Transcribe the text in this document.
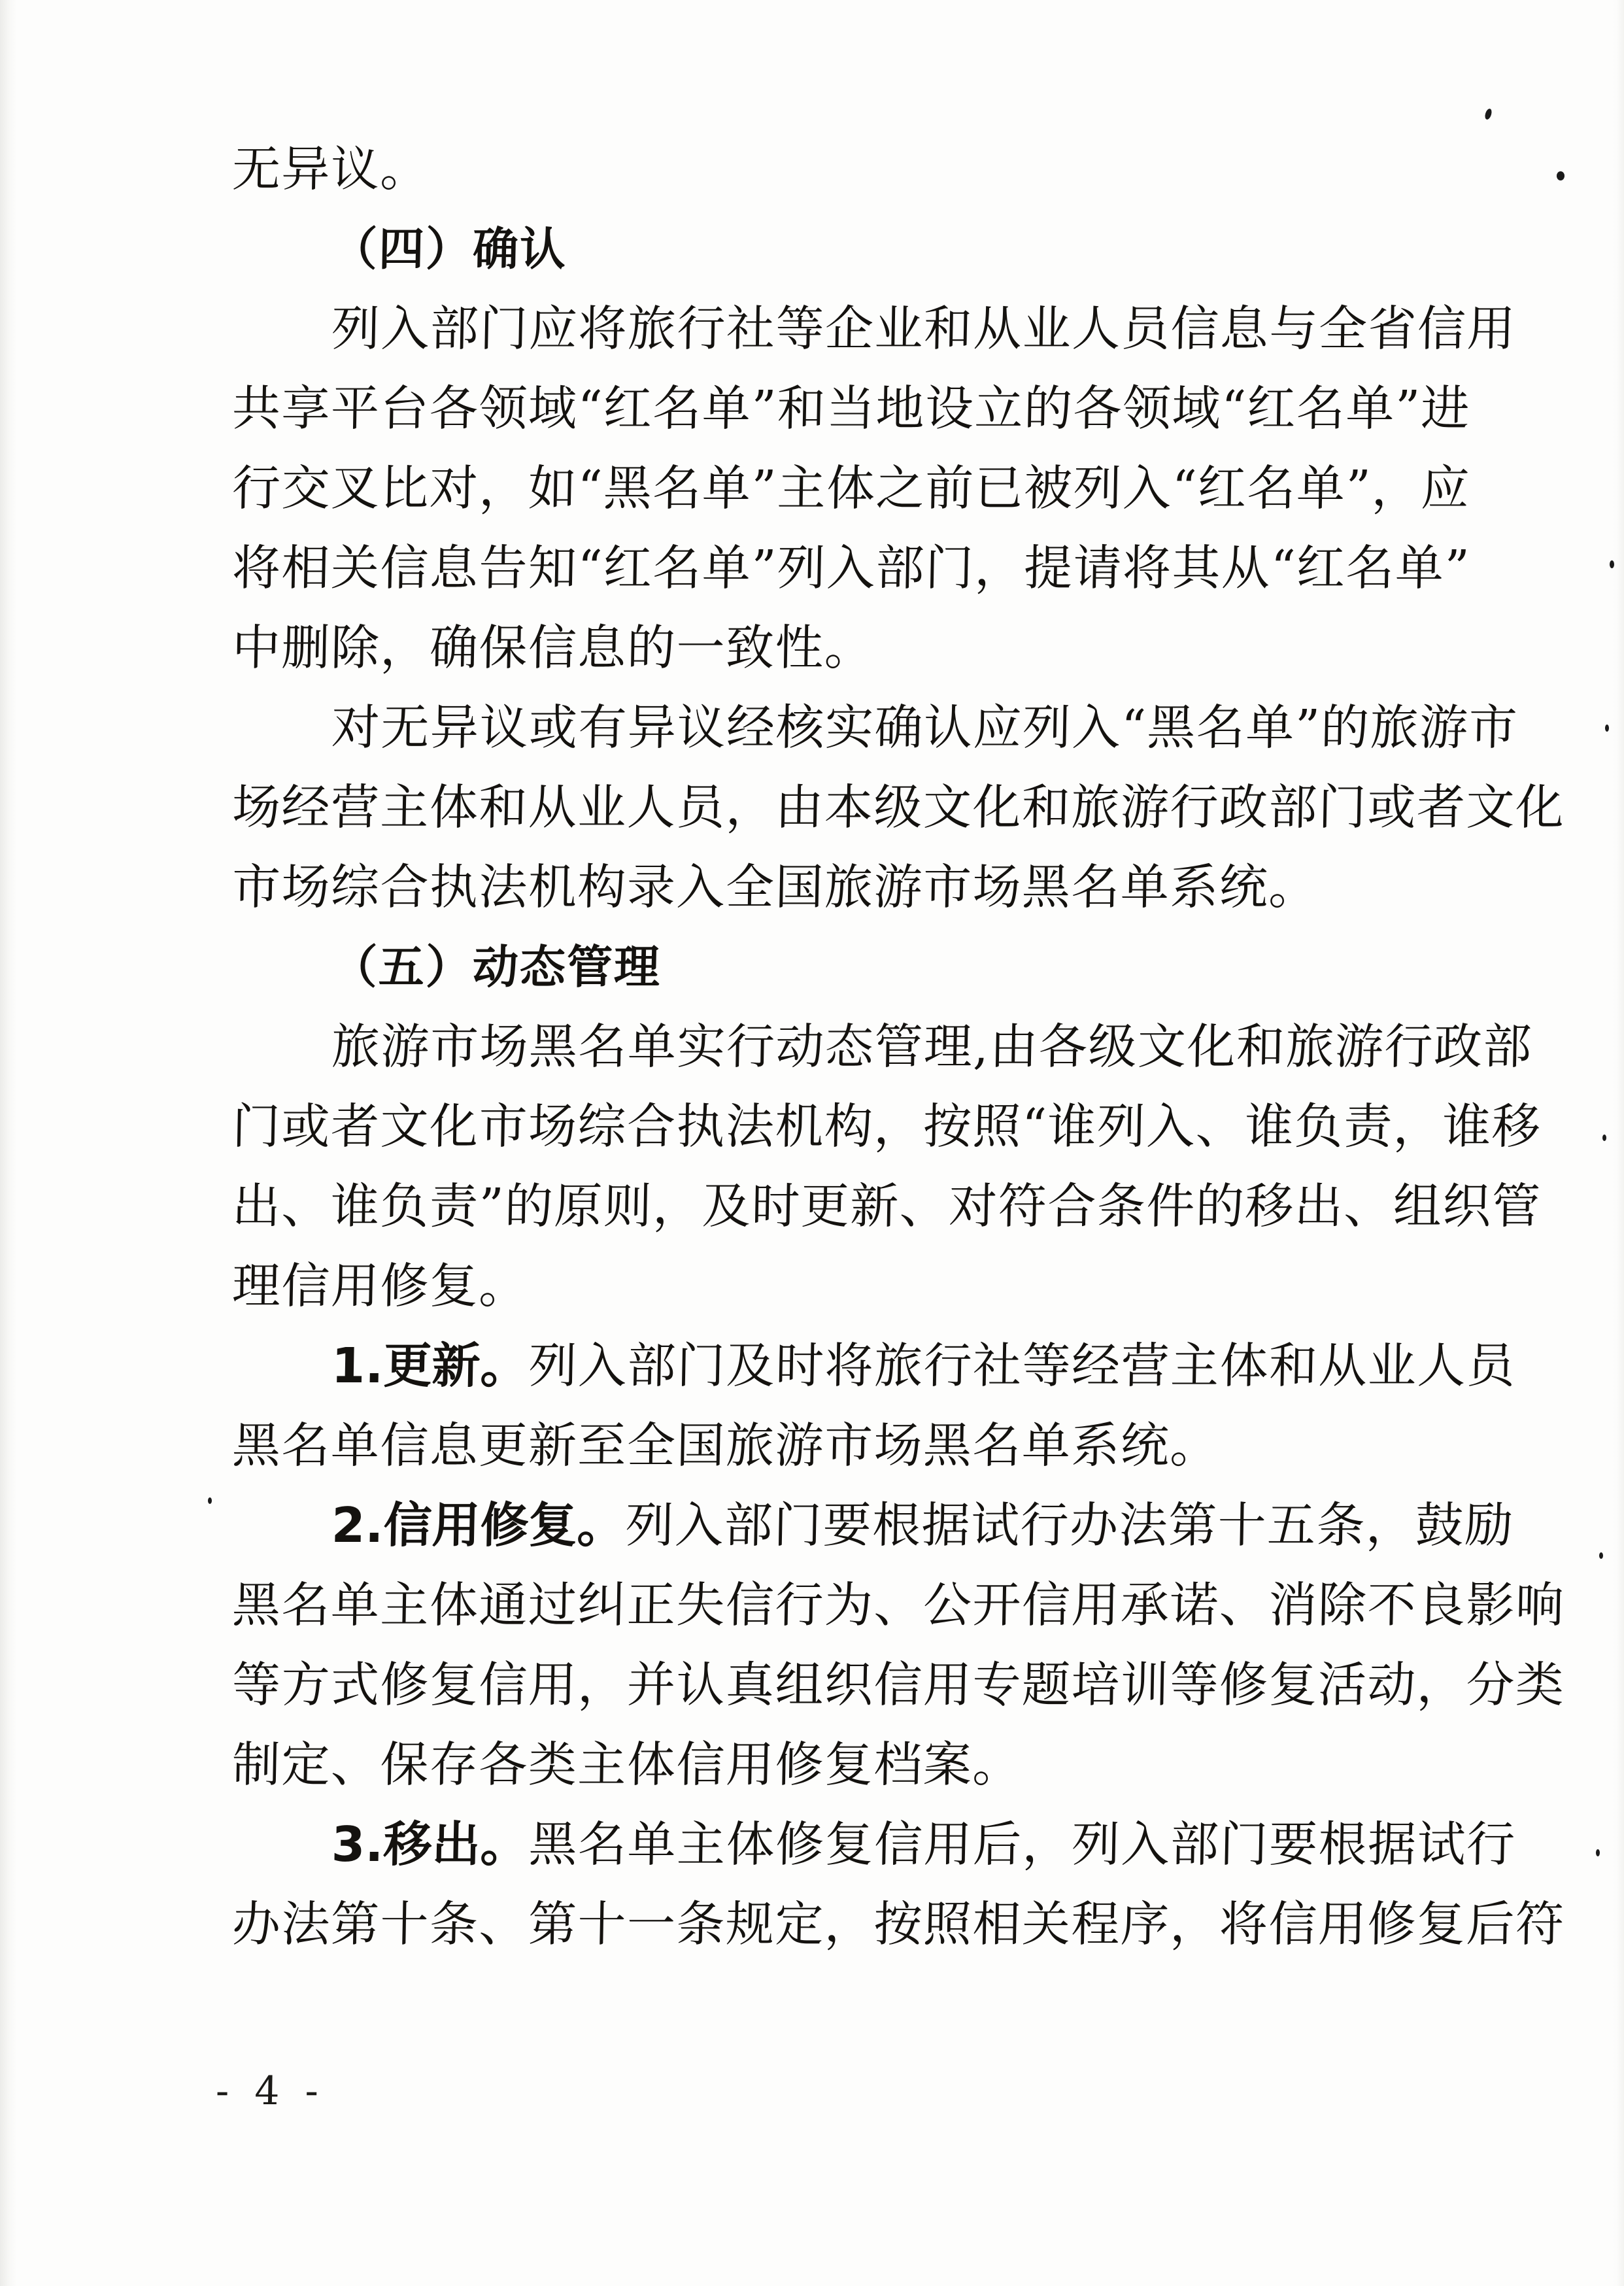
无异议。
（四）确认
列入部门应将旅行社等企业和从业人员信息与全省信用
共享平台各领域“红名单”和当地设立的各领域“红名单”进
行交叉比对，如“黑名单”主体之前已被列入“红名单”，应
将相关信息告知“红名单”列入部门，提请将其从“红名单”
中删除，确保信息的一致性。
对无异议或有异议经核实确认应列入“黑名单”的旅游市
场经营主体和从业人员，由本级文化和旅游行政部门或者文化
市场综合执法机构录入全国旅游市场黑名单系统。
（五）动态管理
旅游市场黑名单实行动态管理,由各级文化和旅游行政部
门或者文化市场综合执法机构，按照“谁列入、谁负责，谁移
出、谁负责”的原则，及时更新、对符合条件的移出、组织管
理信用修复。
1.更新。列入部门及时将旅行社等经营主体和从业人员
黑名单信息更新至全国旅游市场黑名单系统。
2.信用修复。列入部门要根据试行办法第十五条，鼓励
黑名单主体通过纠正失信行为、公开信用承诺、消除不良影响
等方式修复信用，并认真组织信用专题培训等修复活动，分类
制定、保存各类主体信用修复档案。
3.移出。黑名单主体修复信用后，列入部门要根据试行
办法第十条、第十一条规定，按照相关程序，将信用修复后符
- 4 -
